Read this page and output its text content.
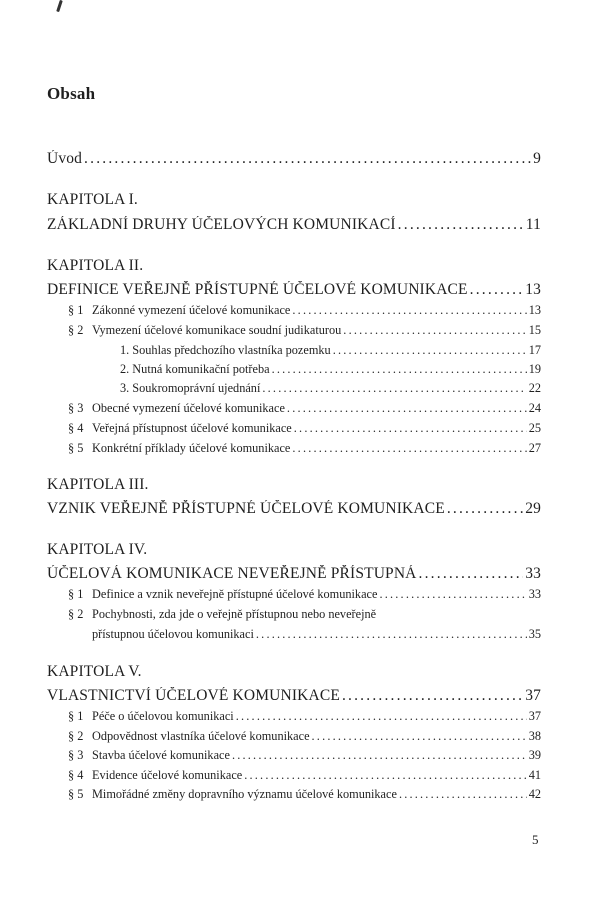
Obsah
Úvod .....	9
KAPITOLA I.
ZÁKLADNÍ DRUHY ÚČELOVÝCH KOMUNIKACÍ .....	11
KAPITOLA II.
DEFINICE VEŘEJNĚ PŘÍSTUPNÉ ÚČELOVÉ KOMUNIKACE .....	13
§ 1 Zákonné vymezení účelové komunikace .....	13
§ 2 Vymezení účelové komunikace soudní judikaturou .....	15
1. Souhlas předchozího vlastníka pozemku .....	17
2. Nutná komunikační potřeba .....	19
3. Soukromoprávní ujednání .....	22
§ 3 Obecné vymezení účelové komunikace .....	24
§ 4 Veřejná přístupnost účelové komunikace .....	25
§ 5 Konkrétní příklady účelové komunikace .....	27
KAPITOLA III.
VZNIK VEŘEJNĚ PŘÍSTUPNÉ ÚČELOVÉ KOMUNIKACE .....	29
KAPITOLA IV.
ÚČELOVÁ KOMUNIKACE NEVEŘEJNĚ PŘÍSTUPNÁ .....	33
§ 1 Definice a vznik neveřejně přístupné účelové komunikace .....	33
§ 2 Pochybnosti, zda jde o veřejně přístupnou nebo neveřejně
přístupnou účelovou komunikaci .....	35
KAPITOLA V.
VLASTNICTVÍ ÚČELOVÉ KOMUNIKACE .....	37
§ 1 Péče o účelovou komunikaci .....	37
§ 2 Odpovědnost vlastníka účelové komunikace .....	38
§ 3 Stavba účelové komunikace .....	39
§ 4 Evidence účelové komunikace .....	41
§ 5 Mimořádné změny dopravního významu účelové komunikace .....	42
5
